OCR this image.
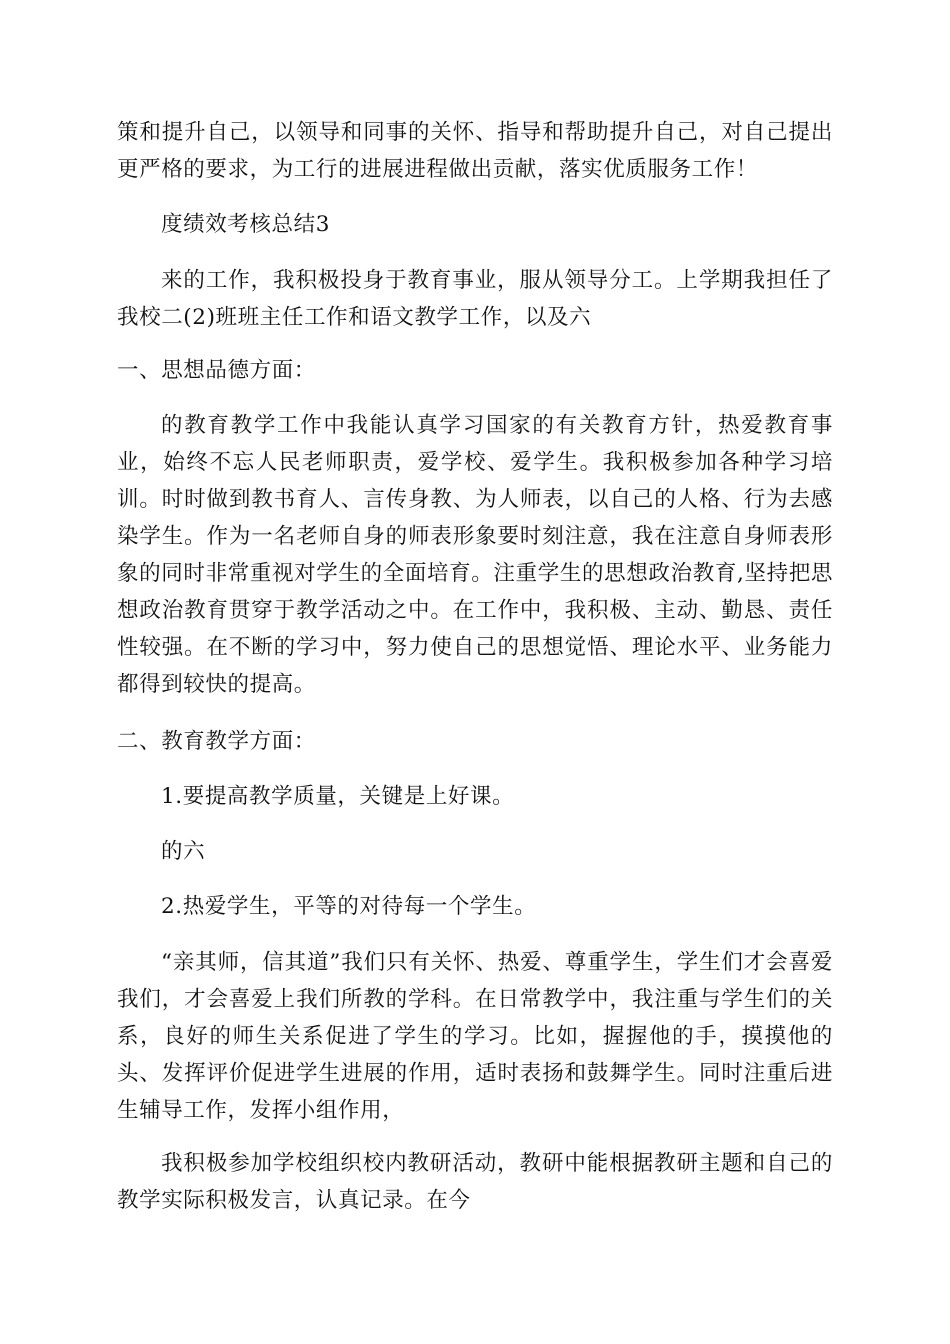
策和提升自己，以领导和同事的关怀、指导和帮助提升自己，对自己提出更严格的要求，为工行的进展进程做出贡献，落实优质服务工作！

度绩效考核总结3

来的工作，我积极投身于教育事业，服从领导分工。上学期我担任了我校二(2)班班主任工作和语文教学工作，以及六

一、思想品德方面：

的教育教学工作中我能认真学习国家的有关教育方针，热爱教育事业，始终不忘人民老师职责，爱学校、爱学生。我积极参加各种学习培训。时时做到教书育人、言传身教、为人师表，以自己的人格、行为去感染学生。作为一名老师自身的师表形象要时刻注意，我在注意自身师表形象的同时非常重视对学生的全面培育。注重学生的思想政治教育,坚持把思想政治教育贯穿于教学活动之中。在工作中，我积极、主动、勤恳、责任性较强。在不断的学习中，努力使自己的思想觉悟、理论水平、业务能力都得到较快的提高。

二、教育教学方面：

1.要提高教学质量，关键是上好课。

的六

2.热爱学生，平等的对待每一个学生。

“亲其师，信其道”我们只有关怀、热爱、尊重学生，学生们才会喜爱我们，才会喜爱上我们所教的学科。在日常教学中，我注重与学生们的关系，良好的师生关系促进了学生的学习。比如，握握他的手，摸摸他的头、发挥评价促进学生进展的作用，适时表扬和鼓舞学生。同时注重后进生辅导工作，发挥小组作用，

我积极参加学校组织校内教研活动，教研中能根据教研主题和自己的教学实际积极发言，认真记录。在今
